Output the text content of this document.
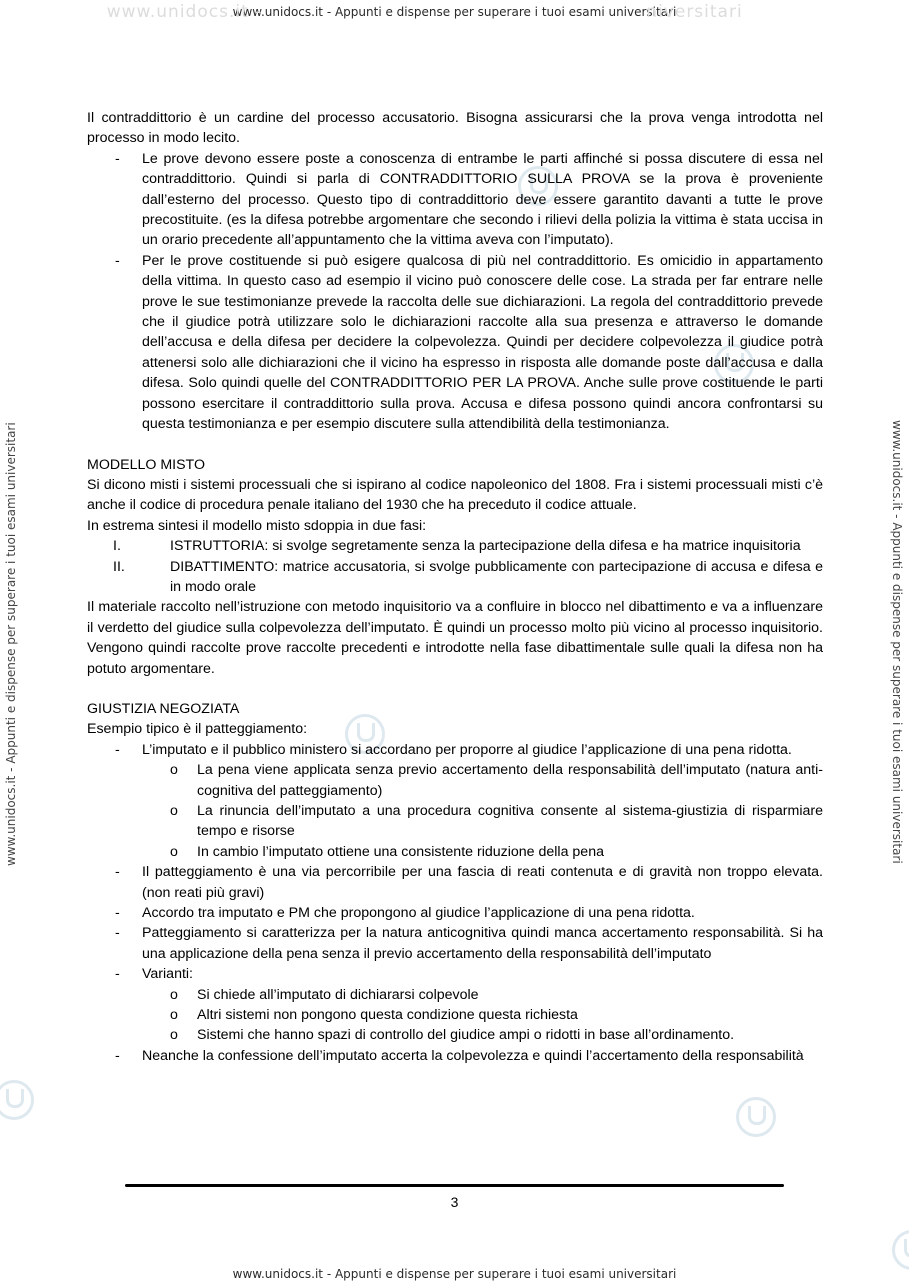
www.unidocs.it - Appunti e dispense per superare i tuoi esami universitari
www.unidocs.it - Appunti e dispense per superare i tuoi esami universitari
www.unidocs.it - Appunti e dispense per superare i tuoi esami universitari	www.unidocs.it - Appunti e dispense per superare i tuoi esami universitari
www.unidocs.it -	niversitari

Il contraddittorio è un cardine del processo accusatorio. Bisogna assicurarsi che la prova venga introdotta nel processo in modo lecito.

- Le prove devono essere poste a conoscenza di entrambe le parti affinché si possa discutere di essa nel contraddittorio. Quindi si parla di CONTRADDITTORIO SULLA PROVA se la prova è proveniente dall’esterno del processo. Questo tipo di contraddittorio deve essere garantito davanti a tutte le prove precostituite. (es la difesa potrebbe argomentare che secondo i rilievi della polizia la vittima è stata uccisa in un orario precedente all’appuntamento che la vittima aveva con l’imputato).
- Per le prove costituende si può esigere qualcosa di più nel contraddittorio. Es omicidio in appartamento della vittima. In questo caso ad esempio il vicino può conoscere delle cose. La strada per far entrare nelle prove le sue testimonianze prevede la raccolta delle sue dichiarazioni. La regola del contraddittorio prevede che il giudice potrà utilizzare solo le dichiarazioni raccolte alla sua presenza e attraverso le domande dell’accusa e della difesa per decidere la colpevolezza. Quindi per decidere colpevolezza il giudice potrà attenersi solo alle dichiarazioni che il vicino ha espresso in risposta alle domande poste dall’accusa e dalla difesa. Solo quindi quelle del CONTRADDITTORIO PER LA PROVA. Anche sulle prove costituende le parti possono esercitare il contraddittorio sulla prova. Accusa e difesa possono quindi ancora confrontarsi su questa testimonianza e per esempio discutere sulla attendibilità della testimonianza.

MODELLO MISTO

Si dicono misti i sistemi processuali che si ispirano al codice napoleonico del 1808. Fra i sistemi processuali misti c’è anche il codice di procedura penale italiano del 1930 che ha preceduto il codice attuale.

In estrema sintesi il modello misto sdoppia in due fasi:

I.	ISTRUTTORIA: si svolge segretamente senza la partecipazione della difesa e ha matrice inquisitoria
II.	DIBATTIMENTO: matrice accusatoria, si svolge pubblicamente con partecipazione di accusa e difesa e in modo orale

Il materiale raccolto nell’istruzione con metodo inquisitorio va a confluire in blocco nel dibattimento e va a influenzare il verdetto del giudice sulla colpevolezza dell’imputato. È quindi un processo molto più vicino al processo inquisitorio. Vengono quindi raccolte prove raccolte precedenti e introdotte nella fase dibattimentale sulle quali la difesa non ha potuto argomentare.

GIUSTIZIA NEGOZIATA

Esempio tipico è il patteggiamento:

- L’imputato e il pubblico ministero si accordano per proporre al giudice l’applicazione di una pena ridotta.
o La pena viene applicata senza previo accertamento della responsabilità dell’imputato (natura anti-cognitiva del patteggiamento)
o La rinuncia dell’imputato a una procedura cognitiva consente al sistema-giustizia di risparmiare tempo e risorse
o In cambio l’imputato ottiene una consistente riduzione della pena
- Il patteggiamento è una via percorribile per una fascia di reati contenuta e di gravità non troppo elevata. (non reati più gravi)
- Accordo tra imputato e PM che propongono al giudice l’applicazione di una pena ridotta.
- Patteggiamento si caratterizza per la natura anticognitiva quindi manca accertamento responsabilità. Si ha una applicazione della pena senza il previo accertamento della responsabilità dell’imputato
- Varianti:
o Si chiede all’imputato di dichiararsi colpevole
o Altri sistemi non pongono questa condizione questa richiesta
o Sistemi che hanno spazi di controllo del giudice ampi o ridotti in base all’ordinamento.
- Neanche la confessione dell’imputato accerta la colpevolezza e quindi l’accertamento della responsabilità
3
